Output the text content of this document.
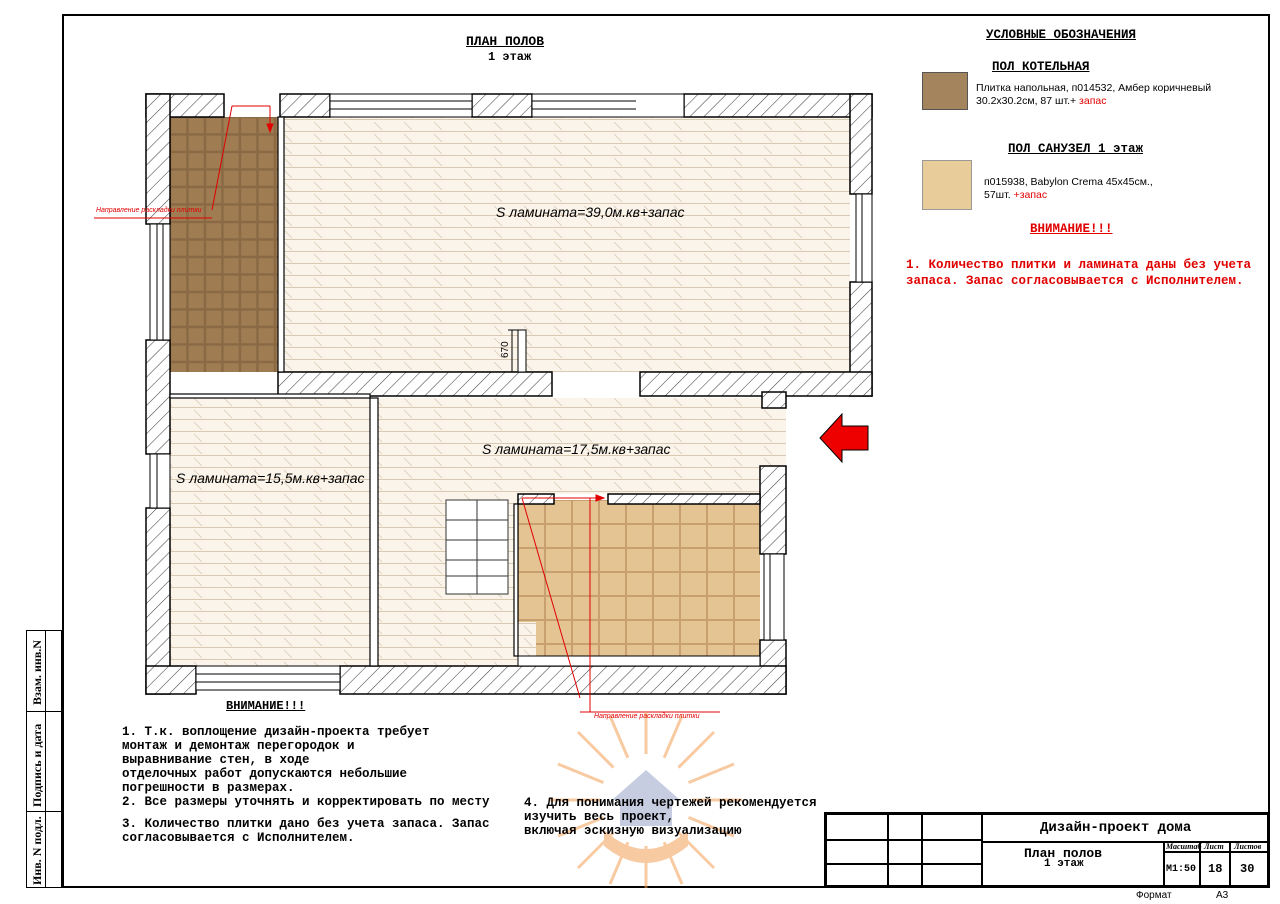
Взам. инв.N
Подпись и дата
Инв. N подл.
ПЛАН ПОЛОВ
1 этаж
S ламината=39,0м.кв+запас
S ламината=17,5м.кв+запас
S ламината=15,5м.кв+запас
670
Направление раскладки плитки
Направление раскладки плитки
УСЛОВНЫЕ ОБОЗНАЧЕНИЯ
ПОЛ КОТЕЛЬНАЯ
Плитка напольная, п014532, Амбер коричневый
30.2х30.2см, 87 шт.+ запас
ПОЛ САНУЗЕЛ 1 этаж
п015938, Babylon Crema 45х45см.,
57шт. +запас
ВНИМАНИЕ!!!
1. Количество плитки и ламината даны без учета
запаса. Запас согласовывается с Исполнителем.
ВНИМАНИЕ!!!
1. Т.к. воплощение дизайн-проекта требует
монтаж и демонтаж перегородок и
выравнивание стен, в ходе
отделочных работ допускаются небольшие
погрешности в размерах.
2. Все размеры уточнять и корректировать по месту
3. Количество плитки дано без учета запаса. Запас
согласовывается с Исполнителем.
4. Для понимания чертежей рекомендуется
изучить весь проект,
включая эскизную визуализацию	Дизайн-проект дома
План полов
1 этаж
Масштаб Лист Листов
М1:50 18 30
Формат	А3
